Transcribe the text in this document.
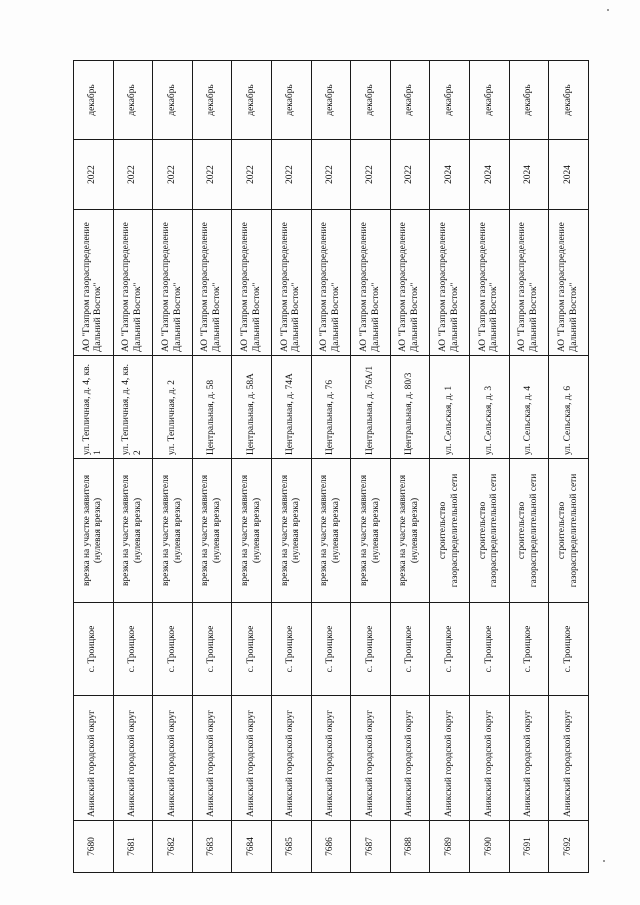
7680	Аникский городской округ	с. Троицкое	врезка на участке заявителя (нулевая врезка)	ул. Тепличная, д. 4, кв. 1	АО "Газпром газораспределение Дальний Восток"	2022	декабрь
7681	Аникский городской округ	с. Троицкое	врезка на участке заявителя (нулевая врезка)	ул. Тепличная, д. 4, кв. 2	АО "Газпром газораспределение Дальний Восток"	2022	декабрь
7682	Аникский городской округ	с. Троицкое	врезка на участке заявителя (нулевая врезка)	ул. Тепличная, д. 2	АО "Газпром газораспределение Дальний Восток"	2022	декабрь
7683	Аникский городской округ	с. Троицкое	врезка на участке заявителя (нулевая врезка)	Центральная, д. 58	АО "Газпром газораспределение Дальний Восток"	2022	декабрь
7684	Аникский городской округ	с. Троицкое	врезка на участке заявителя (нулевая врезка)	Центральная, д. 58А	АО "Газпром газораспределение Дальний Восток"	2022	декабрь
7685	Аникский городской округ	с. Троицкое	врезка на участке заявителя (нулевая врезка)	Центральная, д. 74А	АО "Газпром газораспределение Дальний Восток"	2022	декабрь
7686	Аникский городской округ	с. Троицкое	врезка на участке заявителя (нулевая врезка)	Центральная, д. 76	АО "Газпром газораспределение Дальний Восток"	2022	декабрь
7687	Аникский городской округ	с. Троицкое	врезка на участке заявителя (нулевая врезка)	Центральная, д. 76А/1	АО "Газпром газораспределение Дальний Восток"	2022	декабрь
7688	Аникский городской округ	с. Троицкое	врезка на участке заявителя (нулевая врезка)	Центральная, д. 80/3	АО "Газпром газораспределение Дальний Восток"	2022	декабрь
7689	Аникский городской округ	с. Троицкое	строительство газораспределительной сети	ул. Сельская, д. 1	АО "Газпром газораспределение Дальний Восток"	2024	декабрь
7690	Аникский городской округ	с. Троицкое	строительство газораспределительной сети	ул. Сельская, д. 3	АО "Газпром газораспределение Дальний Восток"	2024	декабрь
7691	Аникский городской округ	с. Троицкое	строительство газораспределительной сети	ул. Сельская, д. 4	АО "Газпром газораспределение Дальний Восток"	2024	декабрь
7692	Аникский городской округ	с. Троицкое	строительство газораспределительной сети	ул. Сельская, д. 6	АО "Газпром газораспределение Дальний Восток"	2024	декабрь
